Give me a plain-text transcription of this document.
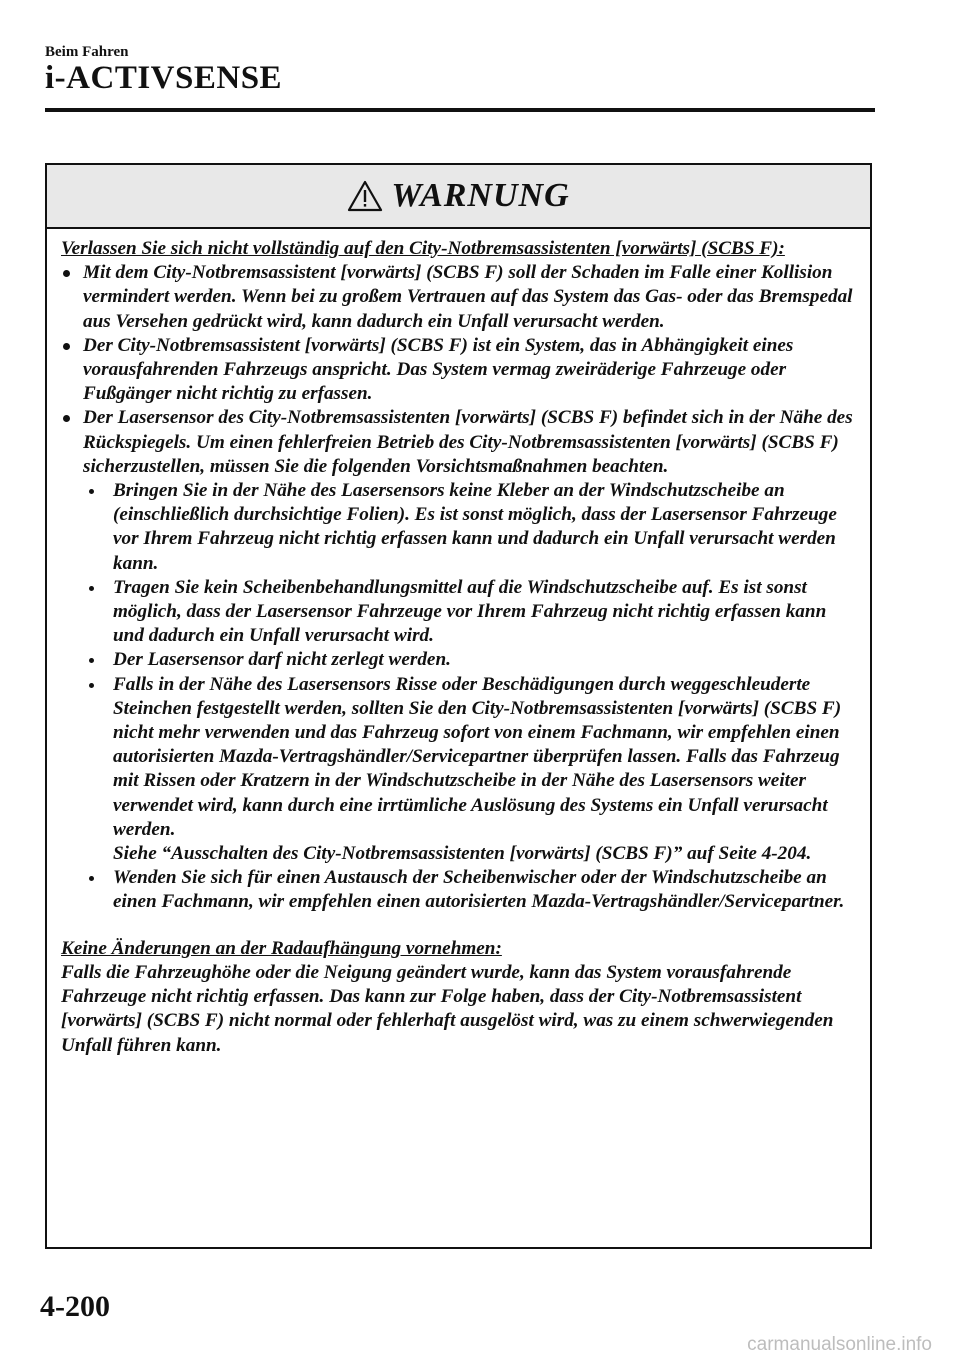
Beim Fahren
i-ACTIVSENSE
WARNUNG
Verlassen Sie sich nicht vollständig auf den City-Notbremsassistenten [vorwärts] (SCBS F):
Mit dem City-Notbremsassistent [vorwärts] (SCBS F) soll der Schaden im Falle einer Kollision vermindert werden. Wenn bei zu großem Vertrauen auf das System das Gas- oder das Bremspedal aus Versehen gedrückt wird, kann dadurch ein Unfall verursacht werden.
Der City-Notbremsassistent [vorwärts] (SCBS F) ist ein System, das in Abhängigkeit eines vorausfahrenden Fahrzeugs anspricht. Das System vermag zweiräderige Fahrzeuge oder Fußgänger nicht richtig zu erfassen.
Der Lasersensor des City-Notbremsassistenten [vorwärts] (SCBS F) befindet sich in der Nähe des Rückspiegels. Um einen fehlerfreien Betrieb des City-Notbremsassistenten [vorwärts] (SCBS F) sicherzustellen, müssen Sie die folgenden Vorsichtsmaßnahmen beachten.
Bringen Sie in der Nähe des Lasersensors keine Kleber an der Windschutzscheibe an (einschließlich durchsichtige Folien). Es ist sonst möglich, dass der Lasersensor Fahrzeuge vor Ihrem Fahrzeug nicht richtig erfassen kann und dadurch ein Unfall verursacht werden kann.
Tragen Sie kein Scheibenbehandlungsmittel auf die Windschutzscheibe auf. Es ist sonst möglich, dass der Lasersensor Fahrzeuge vor Ihrem Fahrzeug nicht richtig erfassen kann und dadurch ein Unfall verursacht wird.
Der Lasersensor darf nicht zerlegt werden.
Falls in der Nähe des Lasersensors Risse oder Beschädigungen durch weggeschleuderte Steinchen festgestellt werden, sollten Sie den City-Notbremsassistenten [vorwärts] (SCBS F) nicht mehr verwenden und das Fahrzeug sofort von einem Fachmann, wir empfehlen einen autorisierten Mazda-Vertragshändler/Servicepartner überprüfen lassen. Falls das Fahrzeug mit Rissen oder Kratzern in der Windschutzscheibe in der Nähe des Lasersensors weiter verwendet wird, kann durch eine irrtümliche Auslösung des Systems ein Unfall verursacht werden.
Siehe “Ausschalten des City-Notbremsassistenten [vorwärts] (SCBS F)” auf Seite 4-204.
Wenden Sie sich für einen Austausch der Scheibenwischer oder der Windschutzscheibe an einen Fachmann, wir empfehlen einen autorisierten Mazda-Vertragshändler/Servicepartner.
Keine Änderungen an der Radaufhängung vornehmen:
Falls die Fahrzeughöhe oder die Neigung geändert wurde, kann das System vorausfahrende Fahrzeuge nicht richtig erfassen. Das kann zur Folge haben, dass der City-Notbremsassistent [vorwärts] (SCBS F) nicht normal oder fehlerhaft ausgelöst wird, was zu einem schwerwiegenden Unfall führen kann.
4-200
carmanualsonline.info
